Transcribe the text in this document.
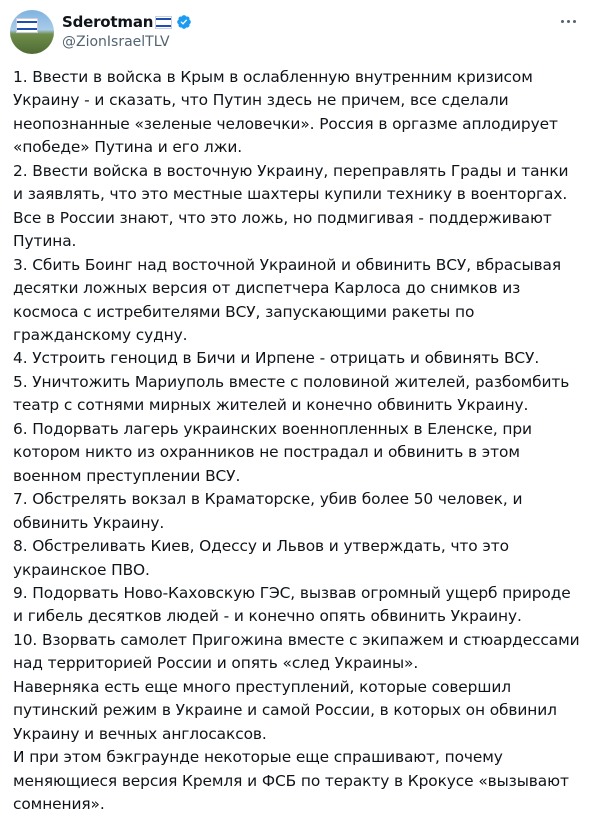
Sderotman
@ZionIsraelTLV

1. Ввести в войска в Крым в ослабленную внутренним кризисом Украину - и сказать, что Путин здесь не причем, все сделали неопознанные «зеленые человечки». Россия в оргазме аплодирует «победе» Путина и его лжи.

2. Ввести войска в восточную Украину, переправлять Грады и танки и заявлять, что это местные шахтеры купили технику в военторгах. Все в России знают, что это ложь, но подмигивая - поддерживают Путина.

3. Сбить Боинг над восточной Украиной и обвинить ВСУ, вбрасывая десятки ложных версия от диспетчера Карлоса до снимков из космоса с истребителями ВСУ, запускающими ракеты по гражданскому судну.

4. Устроить геноцид в Бичи и Ирпене - отрицать и обвинять ВСУ.

5. Уничтожить Мариуполь вместе с половиной жителей, разбомбить театр с сотнями мирных жителей и конечно обвинить Украину.

6. Подорвать лагерь украинских военнопленных в Еленске, при котором никто из охранников не пострадал и обвинить в этом военном преступлении ВСУ.

7. Обстрелять вокзал в Краматорске, убив более 50 человек, и обвинить Украину.

8. Обстреливать Киев, Одессу и Львов и утверждать, что это украинское ПВО.

9. Подорвать Ново-Каховскую ГЭС, вызвав огромный ущерб природе и гибель десятков людей - и конечно опять обвинить Украину.

10. Взорвать самолет Пригожина вместе с экипажем и стюардессами над территорией России и опять «след Украины».

Наверняка есть еще много преступлений, которые совершил путинский режим в Украине и самой России, в которых он обвинил Украину и вечных англосаксов.

И при этом бэкграунде некоторые еще спрашивают, почему меняющиеся версия Кремля и ФСБ по теракту в Крокусе «вызывают сомнения».
